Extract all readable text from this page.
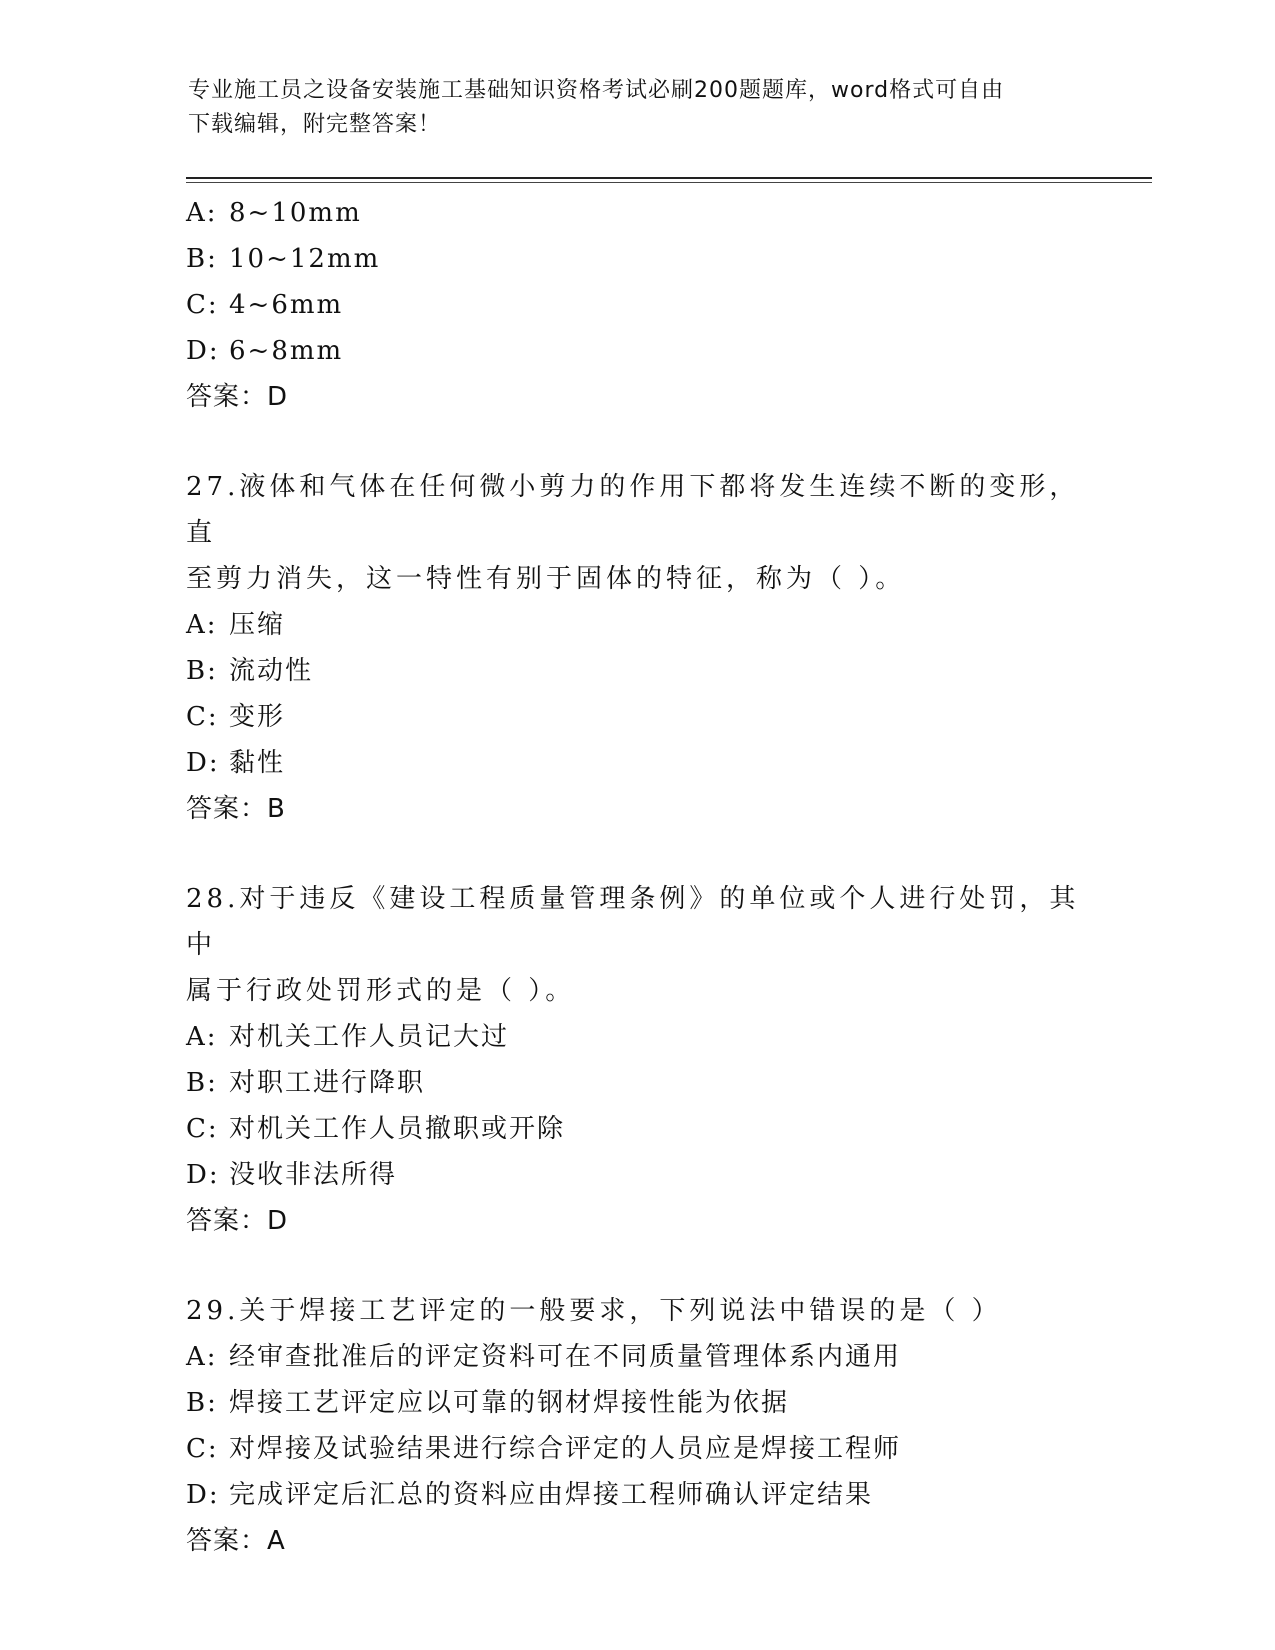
专业施工员之设备安装施工基础知识资格考试必刷200题题库，word格式可自由
下载编辑，附完整答案！
A: 8~10mm
B: 10~12mm
C: 4~6mm
D: 6~8mm
答案：D
27.液体和气体在任何微小剪力的作用下都将发生连续不断的变形，直
至剪力消失，这一特性有别于固体的特征，称为（ ）。
A: 压缩
B: 流动性
C: 变形
D: 黏性
答案：B
28.对于违反《建设工程质量管理条例》的单位或个人进行处罚，其中
属于行政处罚形式的是（ ）。
A: 对机关工作人员记大过
B: 对职工进行降职
C: 对机关工作人员撤职或开除
D: 没收非法所得
答案：D
29.关于焊接工艺评定的一般要求，下列说法中错误的是（ ）
A: 经审查批准后的评定资料可在不同质量管理体系内通用
B: 焊接工艺评定应以可靠的钢材焊接性能为依据
C: 对焊接及试验结果进行综合评定的人员应是焊接工程师
D: 完成评定后汇总的资料应由焊接工程师确认评定结果
答案：A
